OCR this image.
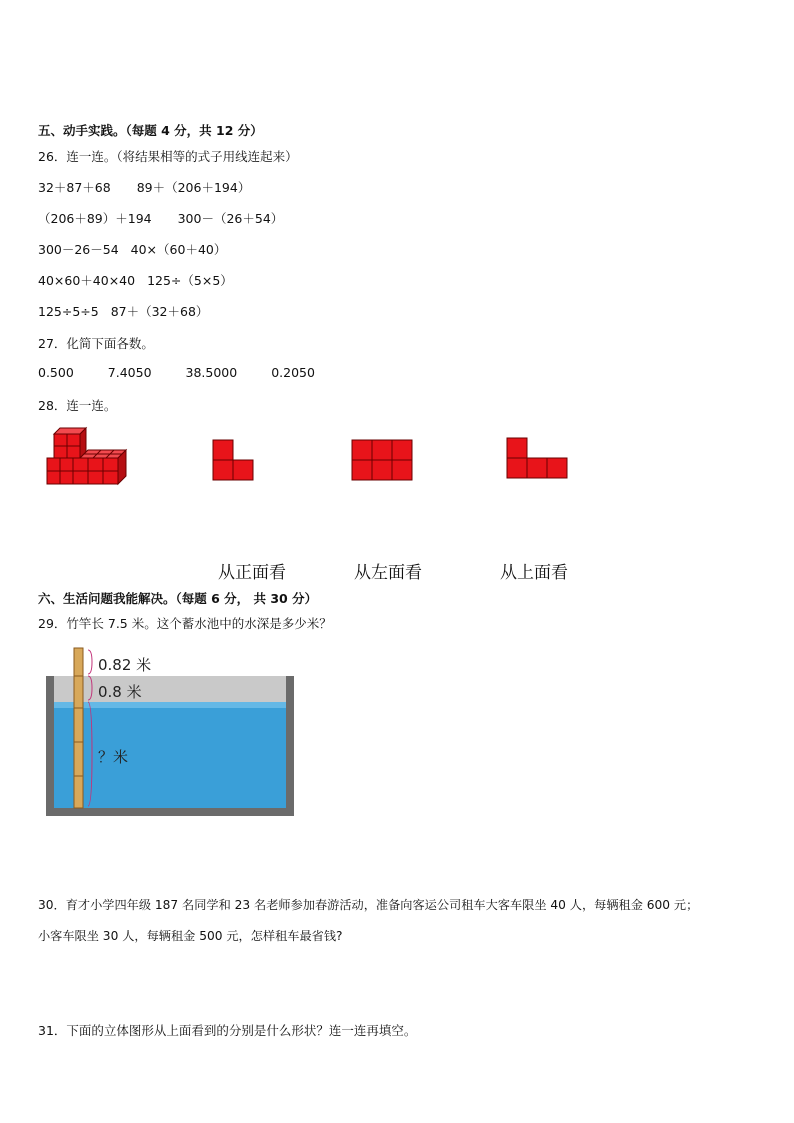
五、动手实践。（每题 4 分，共 12 分）
26．连一连。（将结果相等的式子用线连起来）
32＋87＋68 89＋（206＋194）
（206＋89）＋194 300－（26＋54）
300－26－54 40×（60＋40）
40×60＋40×40 125÷（5×5）
125÷5÷5 87＋（32＋68）
27．化简下面各数。
0.500	7.4050	38.5000	0.2050
28．连一连。
从正面看	从左面看	从上面看
六、生活问题我能解决。（每题 6 分， 共 30 分）
29．竹竿长 7.5 米。这个蓄水池中的水深是多少米？
0.82 米
0.8 米
？米
30．育才小学四年级 187 名同学和 23 名老师参加春游活动，准备向客运公司租车大客车限坐 40 人，每辆租金 600 元；
小客车限坐 30 人，每辆租金 500 元，怎样租车最省钱?
31．下面的立体图形从上面看到的分别是什么形状？连一连再填空。
